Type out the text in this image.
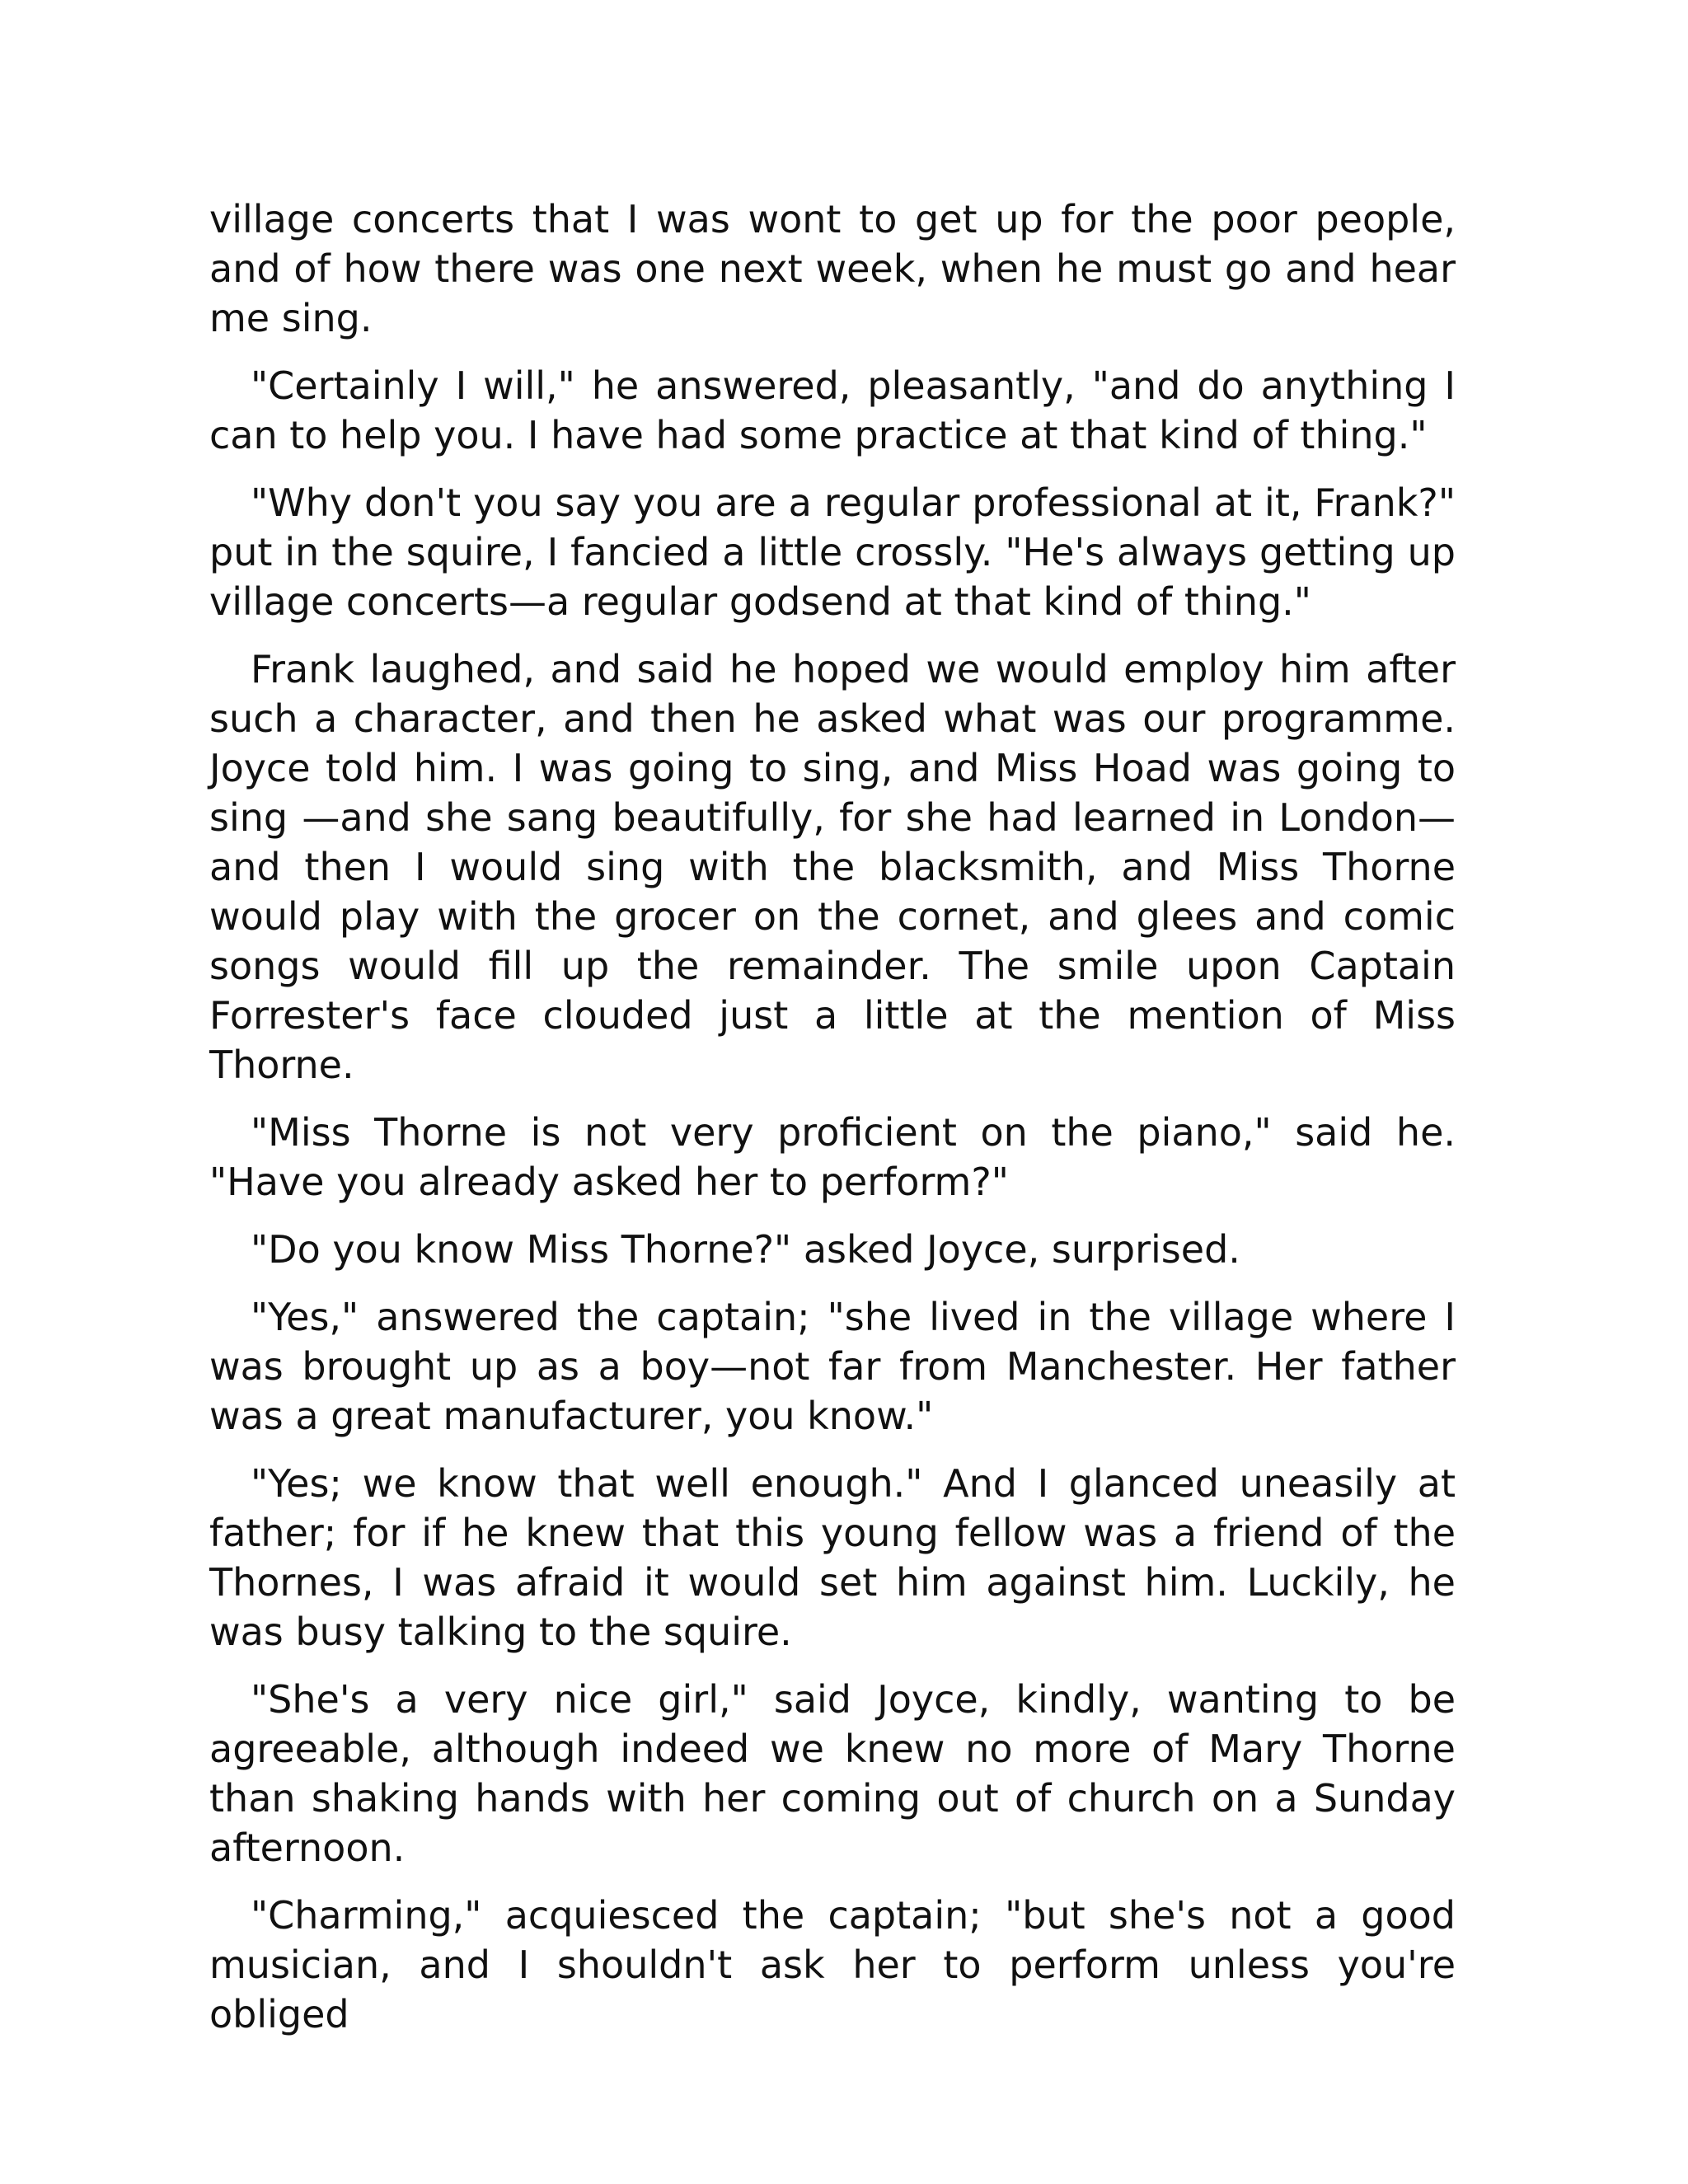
village concerts that I was wont to get up for the poor people, and of how there was one next week, when he must go and hear me sing.

"Certainly I will," he answered, pleasantly, "and do anything I can to help you. I have had some practice at that kind of thing."

"Why don't you say you are a regular professional at it, Frank?" put in the squire, I fancied a little crossly. "He's always getting up village concerts—a regular godsend at that kind of thing."

Frank laughed, and said he hoped we would employ him after such a character, and then he asked what was our programme. Joyce told him. I was going to sing, and Miss Hoad was going to sing —and she sang beautifully, for she had learned in London—and then I would sing with the blacksmith, and Miss Thorne would play with the grocer on the cornet, and glees and comic songs would fill up the remainder. The smile upon Captain Forrester's face clouded just a little at the mention of Miss Thorne.

"Miss Thorne is not very proficient on the piano," said he. "Have you already asked her to perform?"

"Do you know Miss Thorne?" asked Joyce, surprised.

"Yes," answered the captain; "she lived in the village where I was brought up as a boy—not far from Manchester. Her father was a great manufacturer, you know."

"Yes; we know that well enough." And I glanced uneasily at father; for if he knew that this young fellow was a friend of the Thornes, I was afraid it would set him against him. Luckily, he was busy talking to the squire.

"She's a very nice girl," said Joyce, kindly, wanting to be agreeable, although indeed we knew no more of Mary Thorne than shaking hands with her coming out of church on a Sunday afternoon.

"Charming," acquiesced the captain; "but she's not a good musician, and I shouldn't ask her to perform unless you're obliged
